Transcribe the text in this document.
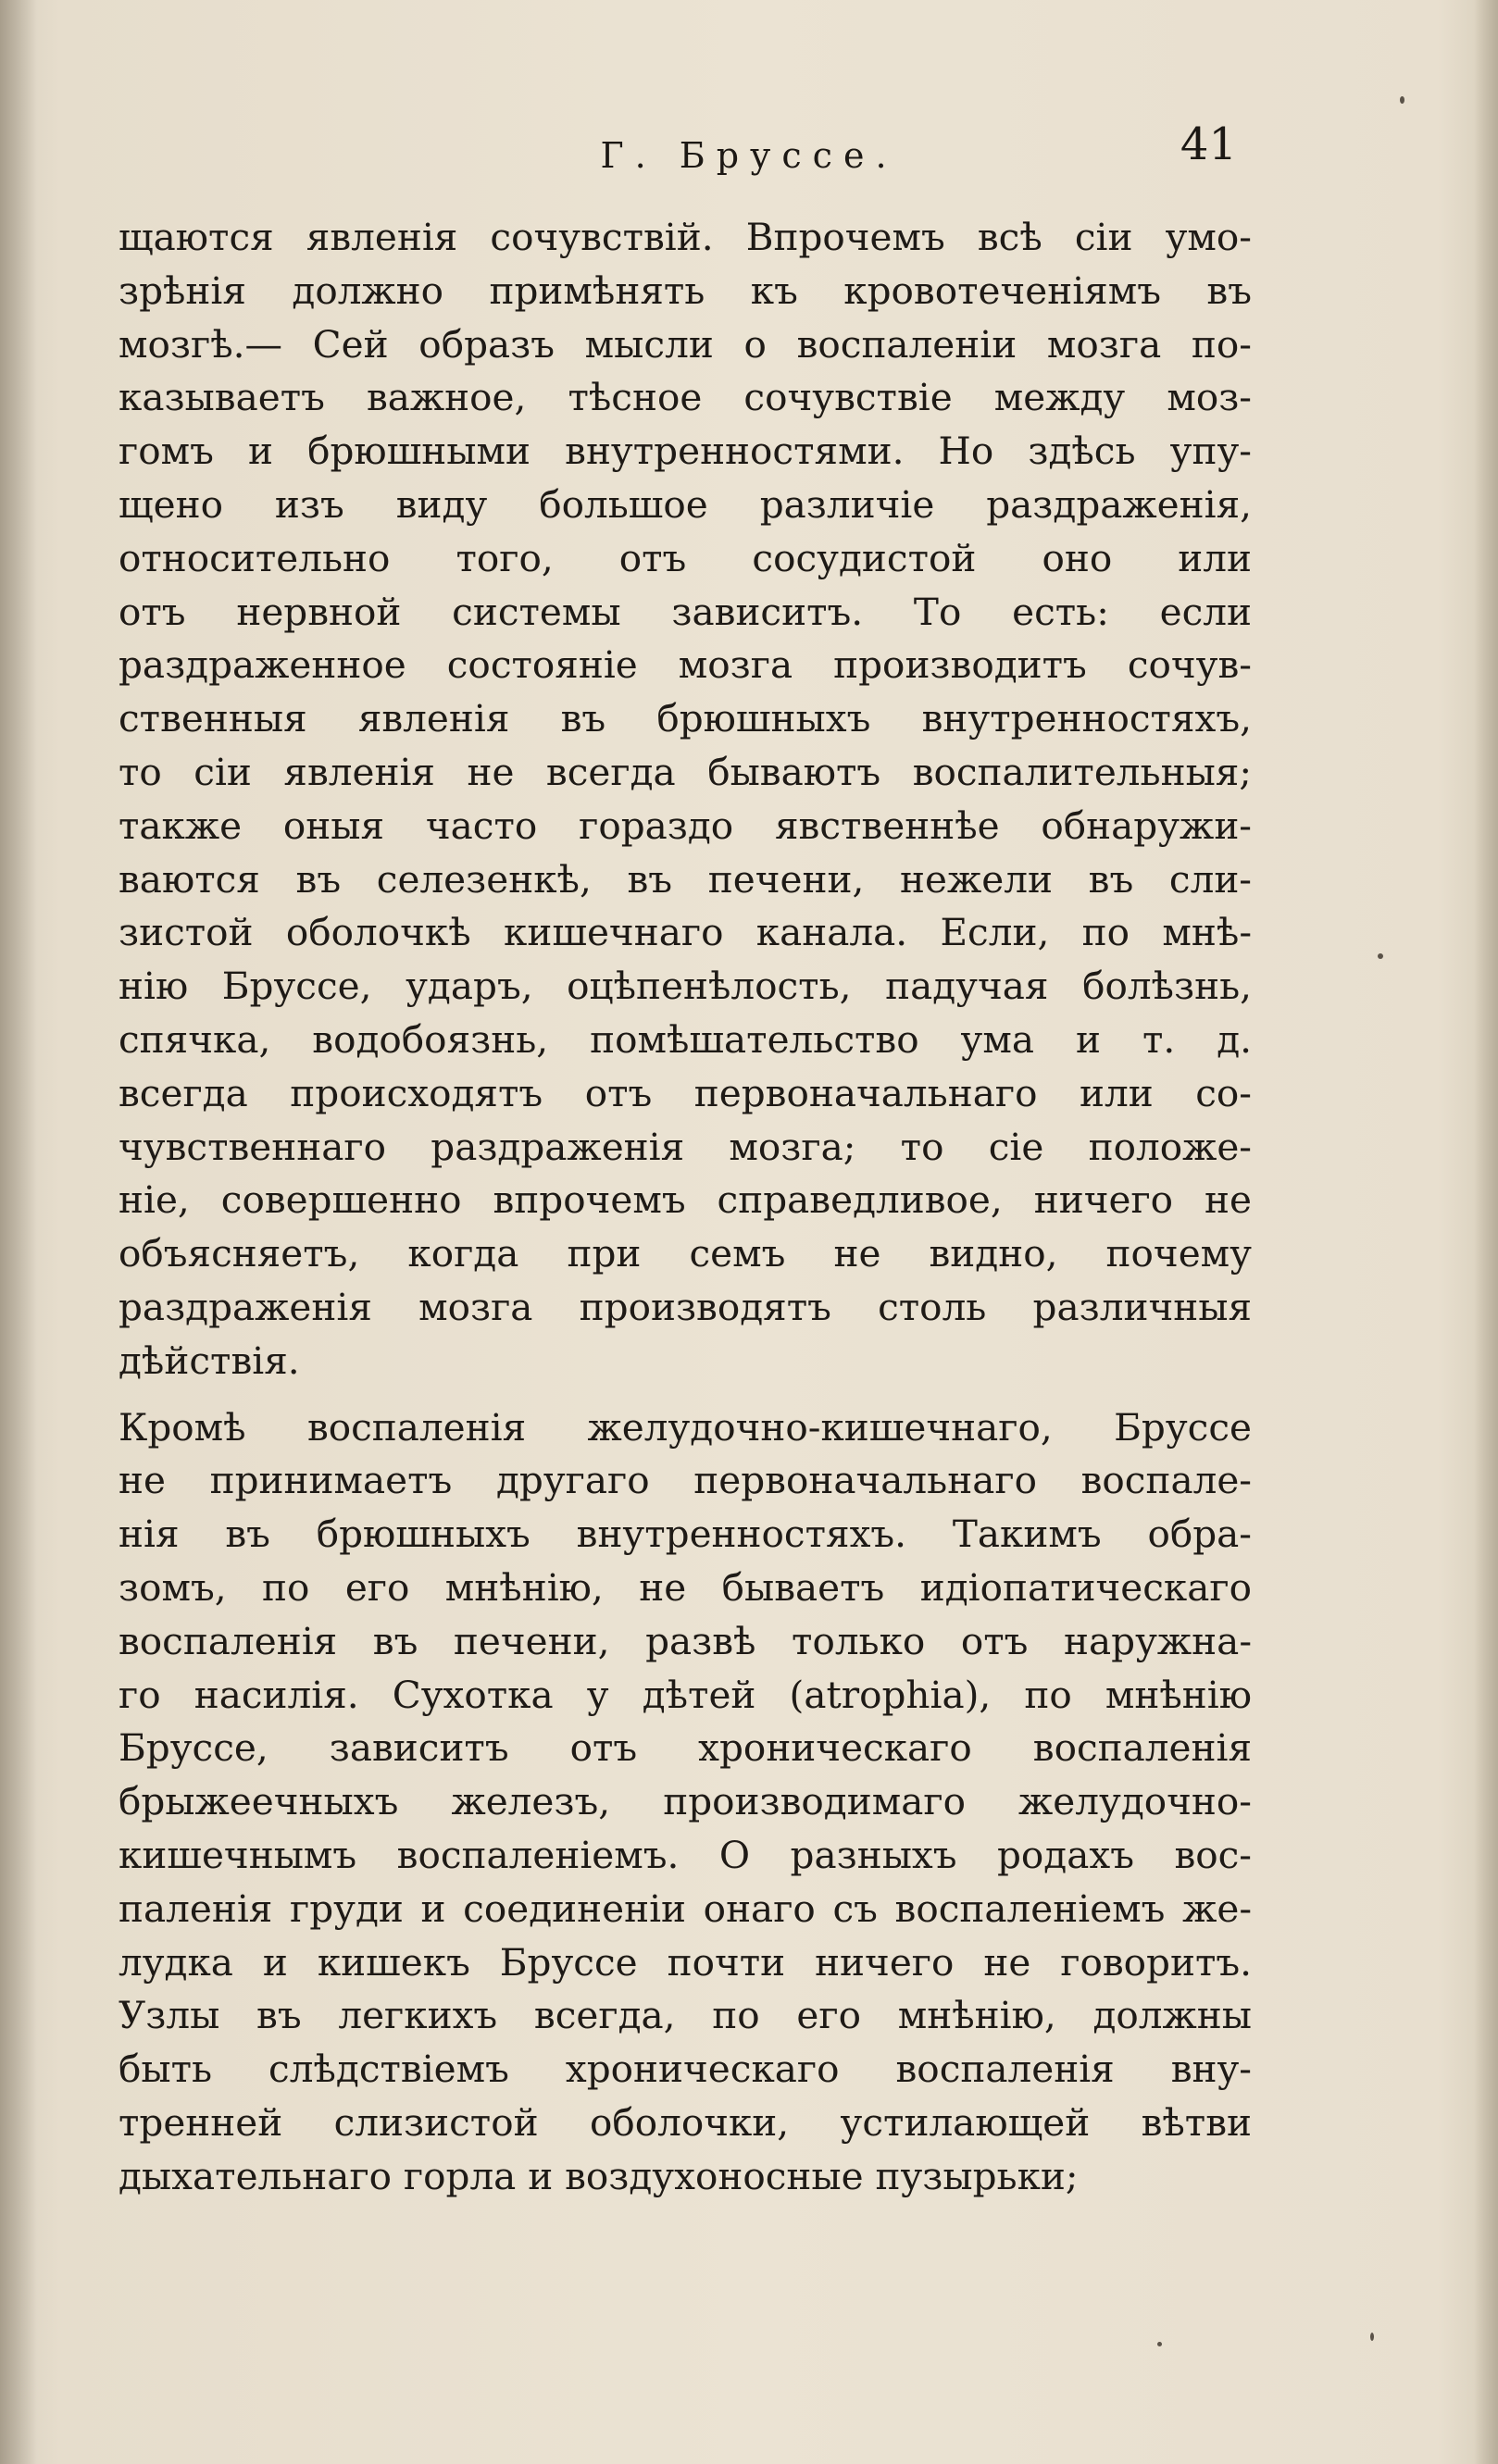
Г. Бруссе.	41

щаются явленія сочувствій. Впрочемъ всѣ сіи умо-
зрѣнія должно примѣнять къ кровотеченіямъ въ
мозгѣ.— Сей образъ мысли о воспаленіи мозга по-
казываетъ важное, тѣсное сочувствіе между моз-
гомъ и брюшными внутренностями. Но здѣсь упу-
щено изъ виду большое различіе раздраженія,
относительно того, отъ сосудистой оно или
отъ нервной системы зависитъ. То есть: если
раздраженное состояніе мозга производитъ сочув-
ственныя явленія въ брюшныхъ внутренностяхъ,
то сіи явленія не всегда бываютъ воспалительныя;
также оныя часто гораздо явственнѣе обнаружи-
ваются въ селезенкѣ, въ печени, нежели въ сли-
зистой оболочкѣ кишечнаго канала. Если, по мнѣ-
нію Бруссе, ударъ, оцѣпенѣлость, падучая болѣзнь,
спячка, водобоязнь, помѣшательство ума и т. д.
всегда происходятъ отъ первоначальнаго или со-
чувственнаго раздраженія мозга; то сіе положе-
ніе, совершенно впрочемъ справедливое, ничего не
объясняетъ, когда при семъ не видно, почему
раздраженія мозга производятъ столь различныя
дѣйствія.

Кромѣ воспаленія желудочно-кишечнаго, Бруссе
не принимаетъ другаго первоначальнаго воспале-
нія въ брюшныхъ внутренностяхъ. Такимъ обра-
зомъ, по его мнѣнію, не бываетъ идіопатическаго
воспаленія въ печени, развѣ только отъ наружна-
го насилія. Сухотка у дѣтей (atrophia), по мнѣнію
Бруссе, зависитъ отъ хроническаго воспаленія
брыжеечныхъ железъ, производимаго желудочно-
кишечнымъ воспаленіемъ. О разныхъ родахъ вос-
паленія груди и соединеніи онаго съ воспаленіемъ же-
лудка и кишекъ Бруссе почти ничего не говоритъ.
Узлы въ легкихъ всегда, по его мнѣнію, должны
быть слѣдствіемъ хроническаго воспаленія вну-
тренней слизистой оболочки, устилающей вѣтви
дыхательнаго горла и воздухоносные пузырьки;
